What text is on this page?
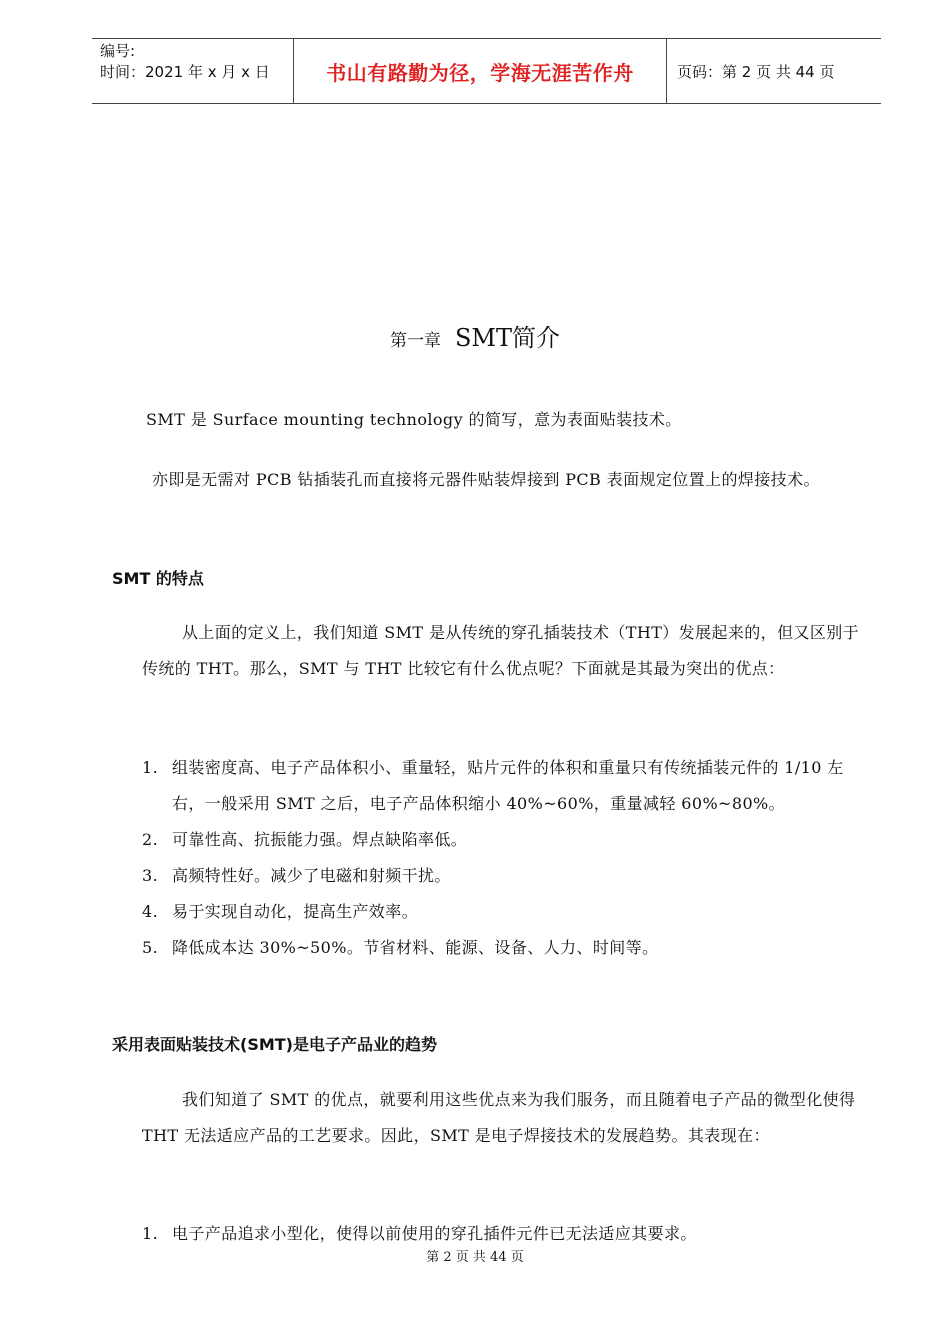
编号:
时间：2021 年 x 月 x 日	书山有路勤为径，学海无涯苦作舟	页码：第 2 页 共 44 页
第一章 SMT简介
SMT 是 Surface mounting technology 的简写，意为表面贴装技术。
亦即是无需对 PCB 钻插装孔而直接将元器件贴装焊接到 PCB 表面规定位置上的焊接技术。
SMT 的特点
从上面的定义上，我们知道 SMT 是从传统的穿孔插装技术（THT）发展起来的，但又区别于传统的 THT。那么，SMT 与 THT 比较它有什么优点呢？下面就是其最为突出的优点：
1. 组装密度高、电子产品体积小、重量轻，贴片元件的体积和重量只有传统插装元件的 1/10 左右，一般采用 SMT 之后，电子产品体积缩小 40%~60%，重量减轻 60%~80%。
2. 可靠性高、抗振能力强。焊点缺陷率低。
3. 高频特性好。减少了电磁和射频干扰。
4. 易于实现自动化，提高生产效率。
5. 降低成本达 30%~50%。节省材料、能源、设备、人力、时间等。
采用表面贴装技术(SMT)是电子产品业的趋势
我们知道了 SMT 的优点，就要利用这些优点来为我们服务，而且随着电子产品的微型化使得 THT 无法适应产品的工艺要求。因此，SMT 是电子焊接技术的发展趋势。其表现在：
1. 电子产品追求小型化，使得以前使用的穿孔插件元件已无法适应其要求。
第 2 页 共 44 页
